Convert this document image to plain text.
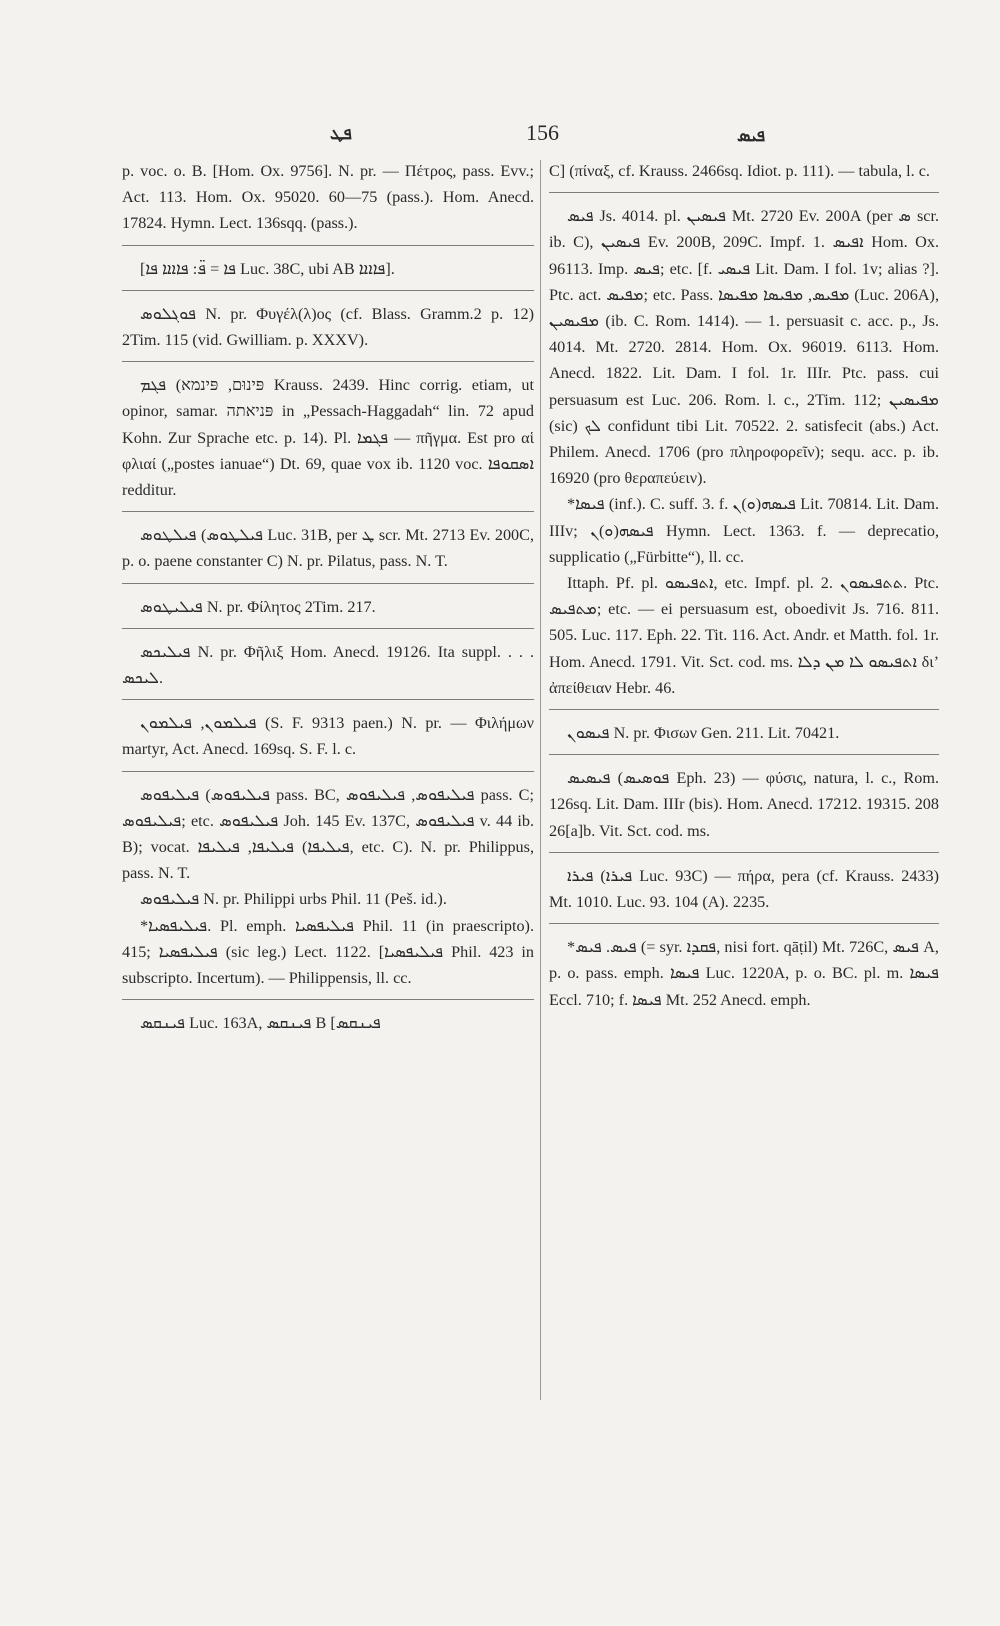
ܦܛ	156	ܦܝܣ

p. voc. o. B. [Hom. Ox. 9756]. N. pr. — Πέτρος, pass. Evv.; Act. 113. Hom. Ox. 95020. 60—75 (pass.). Hom. Anecd. 17824. Hymn. Lect. 136sqq. (pass.).

[ܦܐ = ܦ̈: ܦܐܐܐܐ ܦܐ Luc. 38C, ubi AB ܦܐܐܐܐ].

ܦܘܓܠܘܣ N. pr. Φυγέλ(λ)ος (cf. Blass. Gramm.2 p. 12) 2Tim. 115 (vid. Gwilliam. p. XXXV).

ܦܓܡ (פּינוּם, פּינמא Krauss. 2439. Hinc corrig. etiam, ut opinor, samar. פּניאתה in „Pessach-Haggadah“ lin. 72 apud Kohn. Zur Sprache etc. p. 14). Pl. ܦܓܡܐ — πῆγμα. Est pro αἱ φλιαί („postes ianuae“) Dt. 69, quae vox ib. 1120 voc. ܐܣܩܘܦܐ redditur.

ܦܝܠܛܘܣ (ܦܝܠܛܘܣ Luc. 31B, per ܛ scr. Mt. 2713 Ev. 200C, p. o. paene constanter C) N. pr. Pilatus, pass. N. T.

ܦܝܠܝܛܘܣ N. pr. Φίλητος 2Tim. 217.

ܦܝܠܝܟܣ N. pr. Φῆλιξ Hom. Anecd. 19126. Ita suppl. . . . ܠܝܟܣ.

ܦܝܠܡܘܢ, ܦܝܠܡܘܢ (S. F. 9313 paen.) N. pr. — Φιλήμων martyr, Act. Anecd. 169sq. S. F. l. c.

ܦܝܠܝܦܘܣ (ܦܝܠܝܦܘܣ pass. BC, ܦܝܠܝܦܘܣ, ܦܝܠܝܦܘܣ pass. C; ܦܝܠܝܦܘܣ; etc. ܦܝܠܝܦܘܣ Joh. 145 Ev. 137C, ܦܝܠܝܦܘܣ v. 44 ib. B); vocat. ܦܝܠܝܦܐ, ܦܝܠܝܦܐ (ܦܝܠܝܦܐ, etc. C). N. pr. Philippus, pass. N. T.

ܦܝܠܝܦܘܣ N. pr. Philippi urbs Phil. 11 (Peš. id.).

*ܦܝܠܝܦܣܝܐ. Pl. emph. ܦܝܠܝܦܣܝܐ Phil. 11 (in praescripto). 415; ܦܝܠܝܦܣܝܐ (sic leg.) Lect. 1122. [ܦܝܠܝܦܣܝܐ Phil. 423 in subscripto. Incertum). — Philippensis, ll. cc.

ܦܝܢܩܣ Luc. 163A, ܦܝܢܩܣ B [ܦܝܢܩܣ

C] (πίναξ, cf. Krauss. 2466sq. Idiot. p. 111). — tabula, l. c.

ܦܝܣ Js. 4014. pl. ܦܝܣܝܢ Mt. 2720 Ev. 200A (per ܣ scr. ib. C), ܦܝܣܝܢ Ev. 200B, 209C. Impf. 1. ܐܦܝܣ Hom. Ox. 96113. Imp. ܦܝܣ; etc. [f. ܦܝܣܝ Lit. Dam. I fol. 1v; alias ?]. Ptc. act. ܡܦܝܣ; etc. Pass. ܡܦܝܣ, ܡܦܝܣܐ ܡܦܝܣܐ (Luc. 206A), ܡܦܝܣܝܢ (ib. C. Rom. 1414). — 1. persuasit c. acc. p., Js. 4014. Mt. 2720. 2814. Hom. Ox. 96019. 6113. Hom. Anecd. 1822. Lit. Dam. I fol. 1r. IIIr. Ptc. pass. cui persuasum est Luc. 206. Rom. l. c., 2Tim. 112; ܡܦܝܣܝܢ (sic) ܠܟ confidunt tibi Lit. 70522. 2. satisfecit (abs.) Act. Philem. Anecd. 1706 (pro πληροφορεῖν); sequ. acc. p. ib. 16920 (pro θεραπεύειν).

*ܦܝܣܐ (inf.). C. suff. 3. f. ܦܝܣܗ(ܘ)ܢ Lit. 70814. Lit. Dam. IIIv; ܦܝܣܗ(ܘ)ܢ Hymn. Lect. 1363. f. — deprecatio, supplicatio („Fürbitte“), ll. cc.

Ittaph. Pf. pl. ܐܬܦܝܣܘ, etc. Impf. pl. 2. ܬܬܦܝܣܘܢ. Ptc. ܡܬܦܝܣ; etc. — ei persuasum est, oboedivit Js. 716. 811. 505. Luc. 117. Eph. 22. Tit. 116. Act. Andr. et Matth. fol. 1r. Hom. Anecd. 1791. Vit. Sct. cod. ms. ܐܬܦܝܣܘ ܠܐ ܡܢ ܕܠܐ δι’ ἀπείθειαν Hebr. 46.

ܦܝܣܘܢ N. pr. Φισων Gen. 211. Lit. 70421.

ܦܝܣܝܣ (ܦܘܣܝܣ Eph. 23) — φύσις, natura, l. c., Rom. 126sq. Lit. Dam. IIIr (bis). Hom. Anecd. 17212. 19315. 208 26[a]b. Vit. Sct. cod. ms.

ܦܝܪܐ (ܦܝܪܐ Luc. 93C) — πήρα, pera (cf. Krauss. 2433) Mt. 1010. Luc. 93. 104 (A). 2235.

*ܦܝܣ. ܦܝܣ (= syr. ܦܩܕܐ, nisi fort. qāṭil) Mt. 726C, ܦܝܣ A, p. o. pass. emph. ܦܝܣܐ Luc. 1220A, p. o. BC. pl. m. ܦܝܣܐ Eccl. 710; f. ܦܝܣܐ Mt. 252 Anecd. emph.
